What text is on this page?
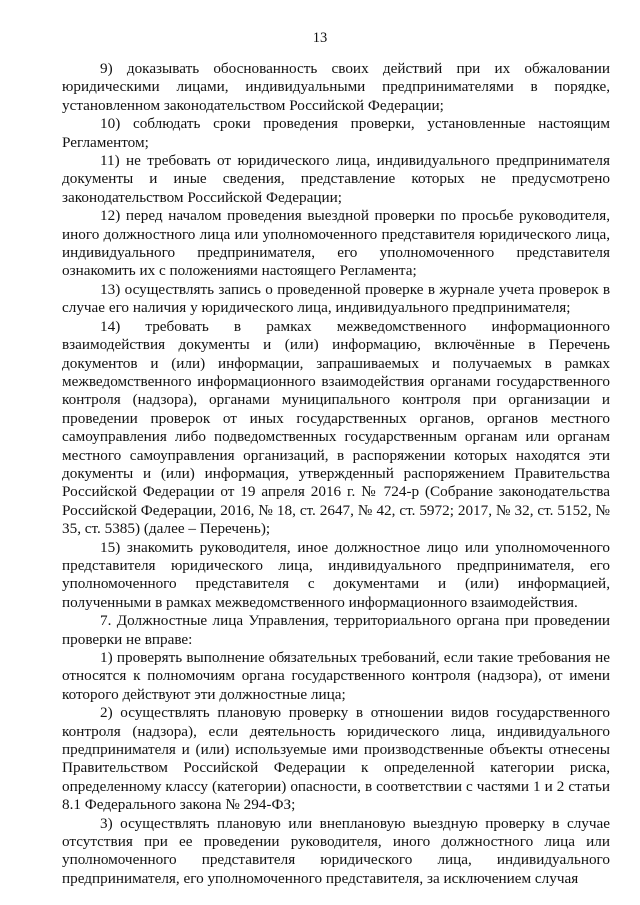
13

9) доказывать обоснованность своих действий при их обжаловании юридическими лицами, индивидуальными предпринимателями в порядке, установленном законодательством Российской Федерации;

10) соблюдать сроки проведения проверки, установленные настоящим Регламентом;

11) не требовать от юридического лица, индивидуального предпринимателя документы и иные сведения, представление которых не предусмотрено законодательством Российской Федерации;

12) перед началом проведения выездной проверки по просьбе руководителя, иного должностного лица или уполномоченного представителя юридического лица, индивидуального предпринимателя, его уполномоченного представителя ознакомить их с положениями настоящего Регламента;

13) осуществлять запись о проведенной проверке в журнале учета проверок в случае его наличия у юридического лица, индивидуального предпринимателя;

14) требовать в рамках межведомственного информационного взаимодействия документы и (или) информацию, включённые в Перечень документов и (или) информации, запрашиваемых и получаемых в рамках межведомственного информационного взаимодействия органами государственного контроля (надзора), органами муниципального контроля при организации и проведении проверок от иных государственных органов, органов местного самоуправления либо подведомственных государственным органам или органам местного самоуправления организаций, в распоряжении которых находятся эти документы и (или) информация, утвержденный распоряжением Правительства Российской Федерации от 19 апреля 2016 г. № 724-р (Собрание законодательства Российской Федерации, 2016, № 18, ст. 2647, № 42, ст. 5972; 2017, № 32, ст. 5152, № 35, ст. 5385) (далее – Перечень);

15) знакомить руководителя, иное должностное лицо или уполномоченного представителя юридического лица, индивидуального предпринимателя, его уполномоченного представителя с документами и (или) информацией, полученными в рамках межведомственного информационного взаимодействия.

7. Должностные лица Управления, территориального органа при проведении проверки не вправе:

1) проверять выполнение обязательных требований, если такие требования не относятся к полномочиям органа государственного контроля (надзора), от имени которого действуют эти должностные лица;

2) осуществлять плановую проверку в отношении видов государственного контроля (надзора), если деятельность юридического лица, индивидуального предпринимателя и (или) используемые ими производственные объекты отнесены Правительством Российской Федерации к определенной категории риска, определенному классу (категории) опасности, в соответствии с частями 1 и 2 статьи 8.1 Федерального закона № 294-ФЗ;

3) осуществлять плановую или внеплановую выездную проверку в случае отсутствия при ее проведении руководителя, иного должностного лица или уполномоченного представителя юридического лица, индивидуального предпринимателя, его уполномоченного представителя, за исключением случая
